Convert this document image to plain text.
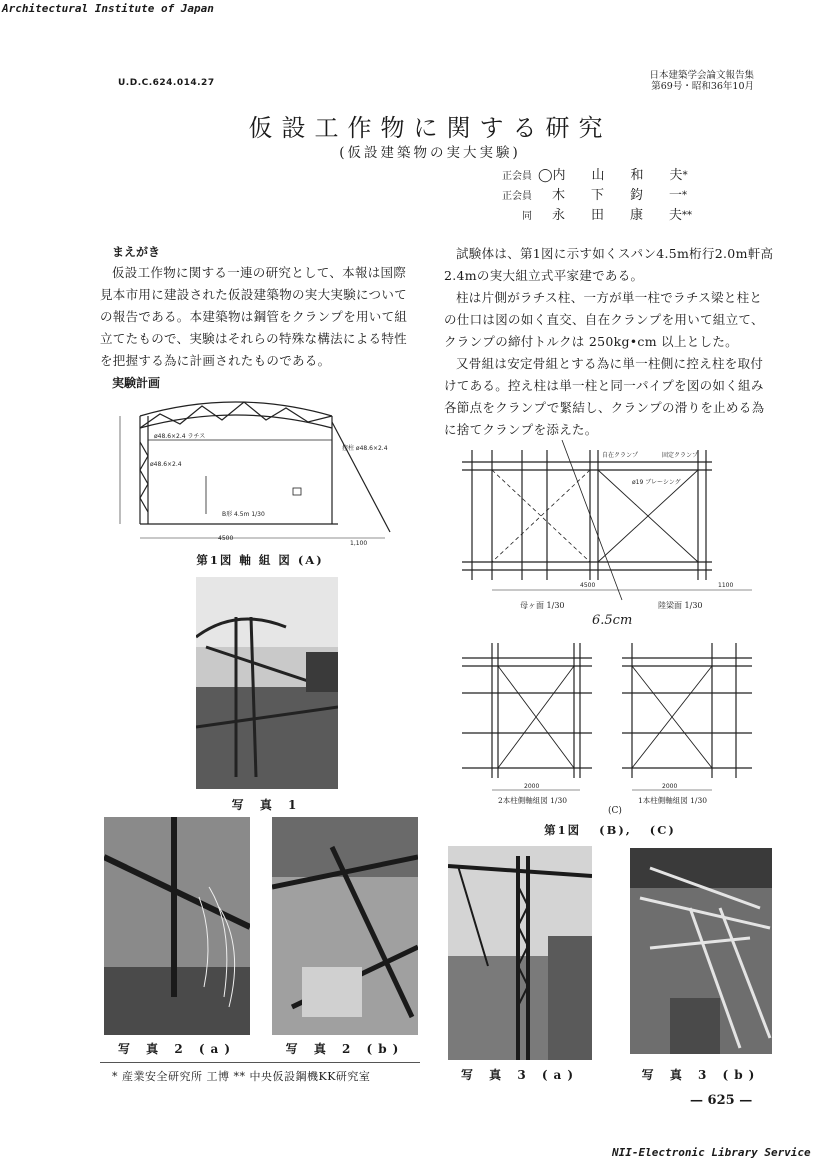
Architectural Institute of Japan
U.D.C.624.014.27
日本建築学会論文報告集
第69号・昭和36年10月
仮設工作物に関する研究
(仮設建築物の実大実験)
正会員 ◯内　　山　　和　　夫*
正会員 木　　下　　鈞　　一*
同 永　　田　　康　　夫**
まえがき
仮設工作物に関する一連の研究として、本報は国際見本市用に建設された仮設建築物の実大実験についての報告である。本建築物は鋼管をクランプを用いて組立てたもので、実験はそれらの特殊な構法による特性を把握する為に計画されたものである。
実験計画
4500
1,100
ø48.6×2.4 ラチス
控柱 ø48.6×2.4
ø48.6×2.4
B形 4.5m 1/30
第1図 軸 組 図 (A)
写 真 1
写 真 2 (a)	写 真 2 (b)
* 産業安全研究所 工博 ** 中央仮設鋼機KK研究室
試験体は、第1図に示す如くスパン4.5m桁行2.0m軒高2.4mの実大組立式平家建である。
柱は片側がラチス柱、一方が単一柱でラチス梁と柱との仕口は図の如く直交、自在クランプを用いて組立て、クランプの締付トルクは 250kg•cm 以上とした。
又骨組は安定骨組とする為に単一柱側に控え柱を取付けてある。控え柱は単一柱と同一パイプを図の如く組み各節点をクランプで緊結し、クランプの滑りを止める為に捨てクランプを添えた。
4500	1100
自在クランプ	固定クランプ
ø19 ブレーシング
母ヶ面 1/30	陸梁面 1/30
6.5cm
2000	2000
2本柱側軸組図 1/30	1本柱側軸組図 1/30
(C)
第1図 (B), (C)
写 真 3 (a)	写 真 3 (b)
— 625 —
NII-Electronic Library Service
